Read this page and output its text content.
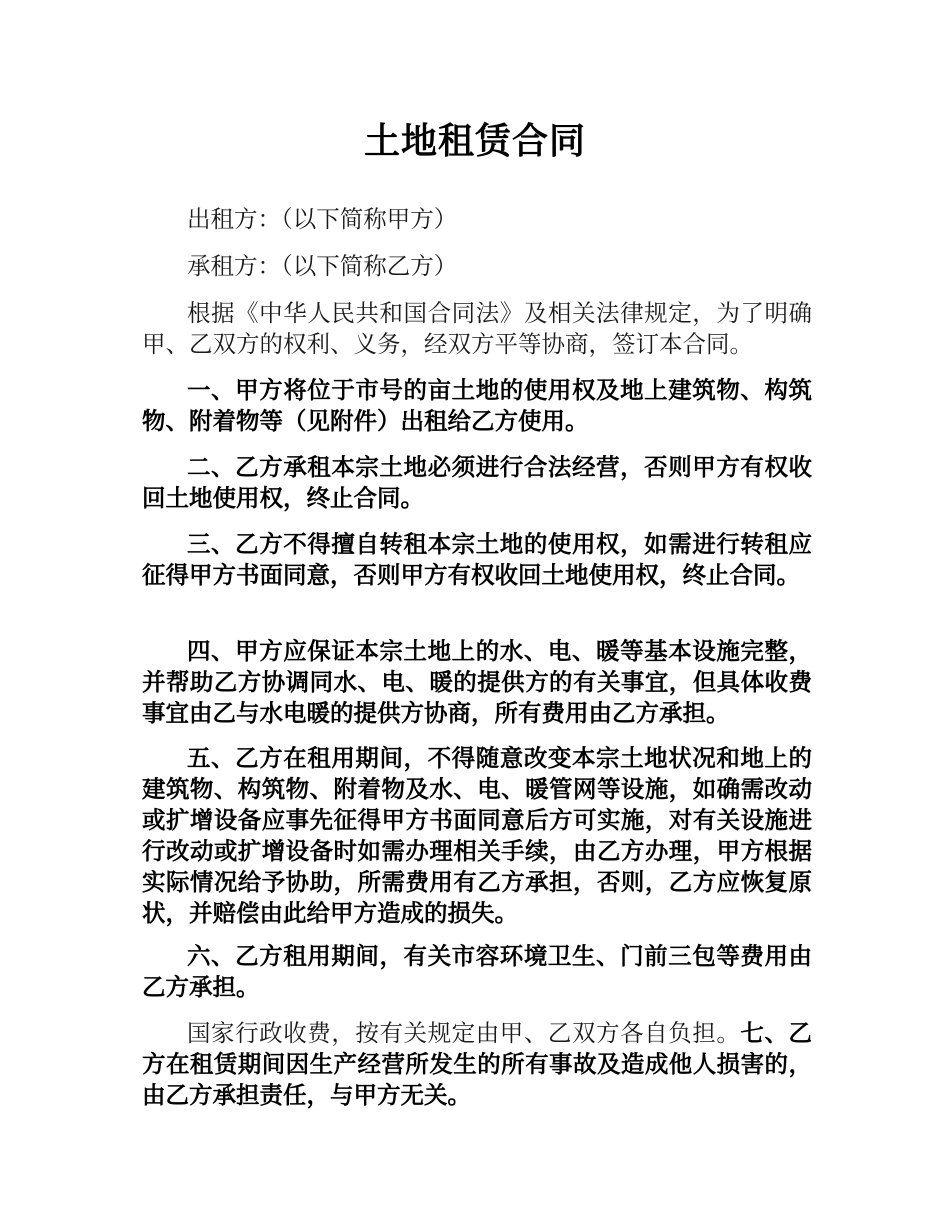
土地租赁合同

出租方：（以下简称甲方）

承租方：（以下简称乙方）

根据《中华人民共和国合同法》及相关法律规定，为了明确甲、乙双方的权利、义务，经双方平等协商，签订本合同。

一、甲方将位于市号的亩土地的使用权及地上建筑物、构筑物、附着物等（见附件）出租给乙方使用。

二、乙方承租本宗土地必须进行合法经营，否则甲方有权收回土地使用权，终止合同。

三、乙方不得擅自转租本宗土地的使用权，如需进行转租应征得甲方书面同意，否则甲方有权收回土地使用权，终止合同。

四、甲方应保证本宗土地上的水、电、暖等基本设施完整，并帮助乙方协调同水、电、暖的提供方的有关事宜，但具体收费事宜由乙与水电暖的提供方协商，所有费用由乙方承担。

五、乙方在租用期间，不得随意改变本宗土地状况和地上的建筑物、构筑物、附着物及水、电、暖管网等设施，如确需改动或扩增设备应事先征得甲方书面同意后方可实施，对有关设施进行改动或扩增设备时如需办理相关手续，由乙方办理，甲方根据实际情况给予协助，所需费用有乙方承担，否则，乙方应恢复原状，并赔偿由此给甲方造成的损失。

六、乙方租用期间，有关市容环境卫生、门前三包等费用由乙方承担。

国家行政收费，按有关规定由甲、乙双方各自负担。七、乙方在租赁期间因生产经营所发生的所有事故及造成他人损害的，由乙方承担责任，与甲方无关。
